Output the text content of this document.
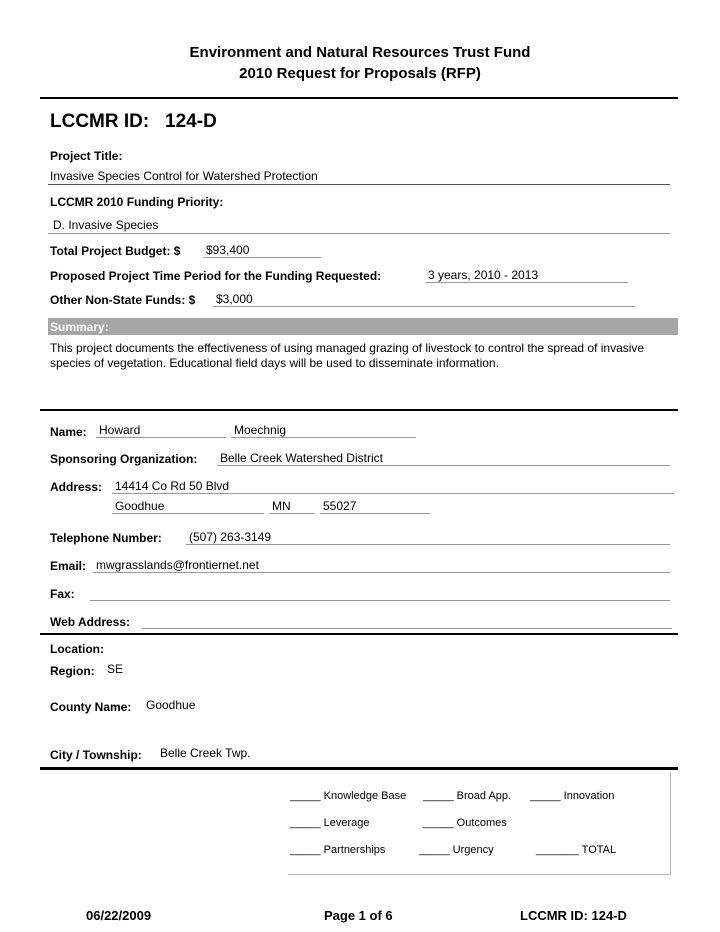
Environment and Natural Resources Trust Fund
2010 Request for Proposals (RFP)
LCCMR ID: 124-D
Project Title:
Invasive Species Control for Watershed Protection
LCCMR 2010 Funding Priority:
D. Invasive Species
Total Project Budget: $ $93,400
Proposed Project Time Period for the Funding Requested:	3 years, 2010 - 2013
Other Non-State Funds: $ $3,000
Summary:
This project documents the effectiveness of using managed grazing of livestock to control the spread of invasive species of vegetation. Educational field days will be used to disseminate information.
Name: Howard	Moechnig
Sponsoring Organization: Belle Creek Watershed District
Address: 14414 Co Rd 50 Blvd
Goodhue	MN	55027
Telephone Number: (507) 263-3149
Email: mwgrasslands@frontiernet.net
Fax:
Web Address:
Location:
Region: SE
County Name: Goodhue
City / Township: Belle Creek Twp.
_____ Knowledge Base _____ Broad App. _____ Innovation
_____ Leverage	_____ Outcomes
_____ Partnerships	_____ Urgency	_______ TOTAL
06/22/2009	Page 1 of 6	LCCMR ID: 124-D
